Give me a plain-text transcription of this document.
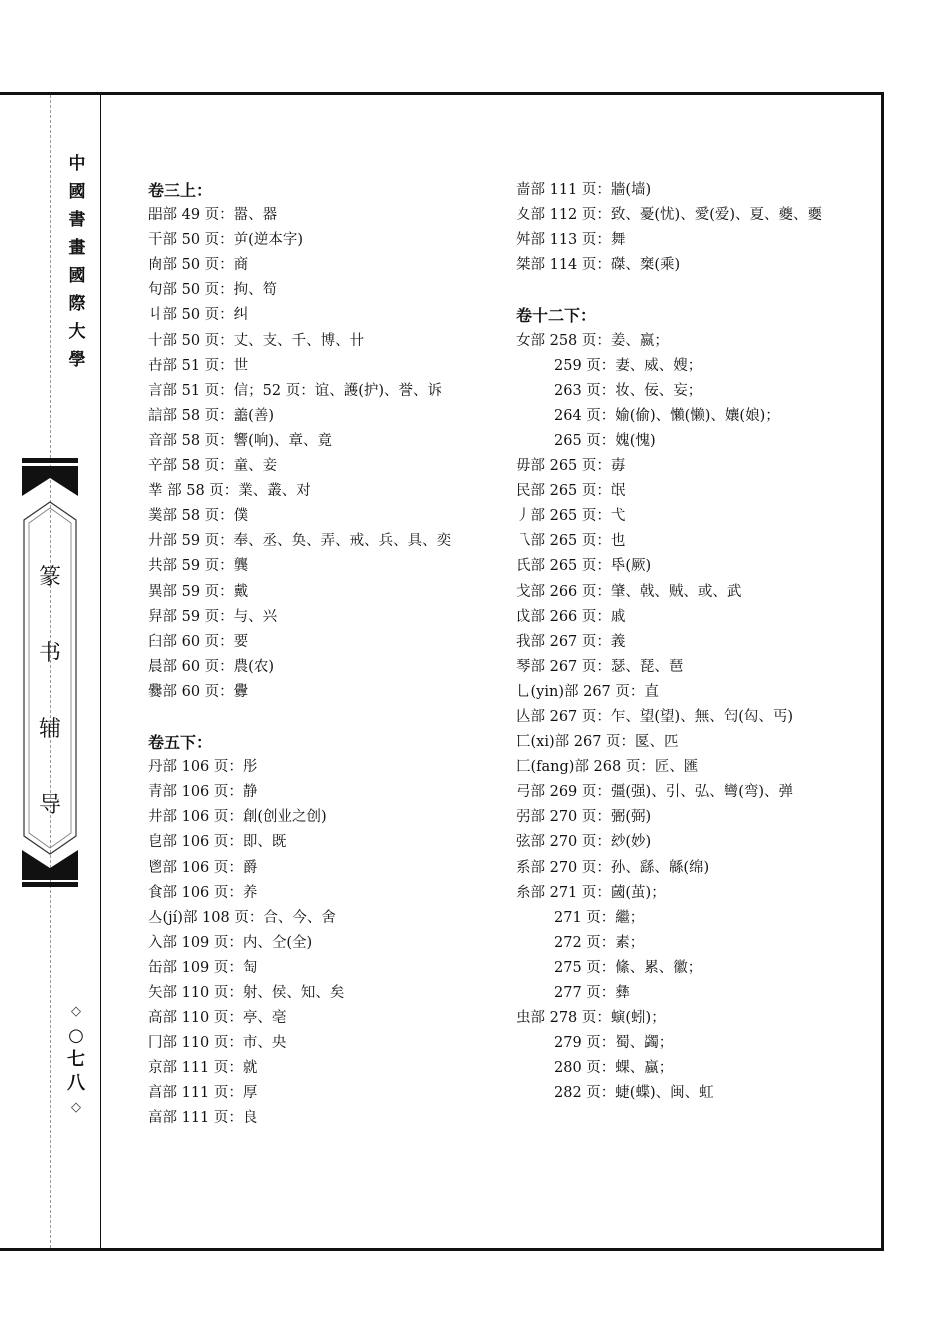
中
國
書
畫
國
際
大
學
篆
书
辅
导
◇
○
七
八
◇
卷三上：
㗊部 49 页：嚣、器
干部 50 页：屰(逆本字)
㕯部 50 页：商
句部 50 页：拘、笱
丩部 50 页：纠
十部 50 页：丈、支、千、博、卄
卋部 51 页：世
言部 51 页：信；52 页：谊、護(护)、誉、诉
誩部 58 页：譱(善)
音部 58 页：響(响)、章、竟
䇂部 58 页：童、妾
丵 部 58 页：業、叢、对
菐部 58 页：僕
廾部 59 页：奉、丞、奂、弄、戒、兵、具、奕
共部 59 页：龔
異部 59 页：戴
舁部 59 页：与、兴
臼部 60 页：要
晨部 60 页：農(农)
爨部 60 页：釁
卷五下：
丹部 106 页：彤
青部 106 页：静
井部 106 页：創(创业之创)
皀部 106 页：即、既
鬯部 106 页：爵
食部 106 页：养
亼(jí)部 108 页：合、今、舍
入部 109 页：内、仝(全)
缶部 109 页：匋
矢部 110 页：射、侯、知、矣
高部 110 页：亭、亳
冂部 110 页：市、央
京部 111 页：就
亯部 111 页：厚
畗部 111 页：良
啬部 111 页：牆(墙)
夊部 112 页：致、憂(忧)、愛(爱)、夏、夔、夒
舛部 113 页：舞
桀部 114 页：磔、椉(乘)
卷十二下：
女部 258 页：姜、嬴；
259 页：妻、威、嫂；
263 页：妆、佞、妄；
264 页：媮(偷)、懶(懒)、孃(娘)；
265 页：媿(愧)
毋部 265 页：毐
民部 265 页：氓
丿部 265 页：弋
乁部 265 页：也
氏部 265 页：氒(厥)
戈部 266 页：肇、戟、贼、或、武
戉部 266 页：戚
我部 267 页：義
琴部 267 页：瑟、琵、琶
乚(yin)部 267 页：直
亾部 267 页：乍、望(望)、無、匄(匃、丐)
匸(xi)部 267 页：匽、匹
匚(fang)部 268 页：匠、匯
弓部 269 页：彊(强)、引、弘、彎(弯)、弹
弜部 270 页：弻(弼)
弦部 270 页：玅(妙)
系部 270 页：孙、繇、緜(绵)
糸部 271 页：蔮(茧)；
271 页：繼；
272 页：素；
275 页：絛、累、徽；
277 页：彝
虫部 278 页：螾(蚓)；
279 页：蜀、蠲；
280 页：蜾、蠃；
282 页：蜨(蝶)、闽、虹
